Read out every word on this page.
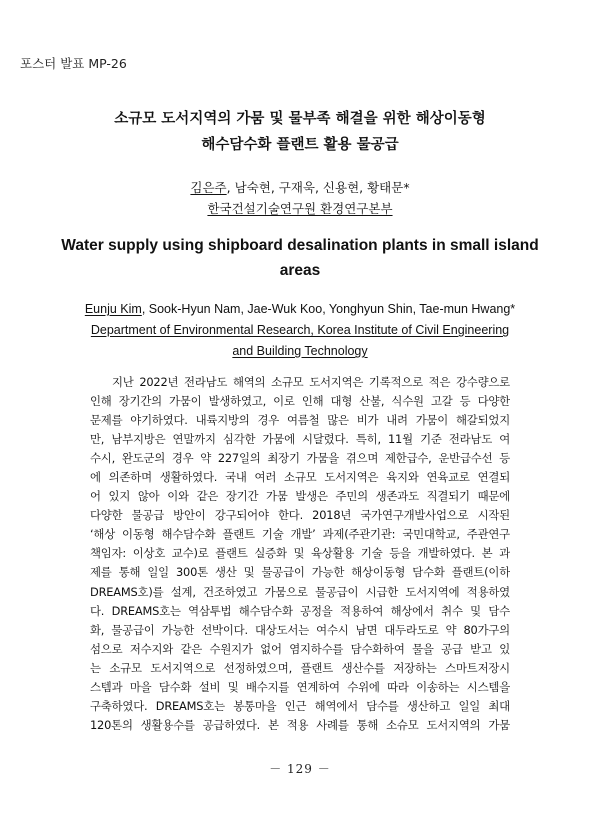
포스터 발표 MP-26
소규모 도서지역의 가뭄 및 물부족 해결을 위한 해상이동형
해수담수화 플랜트 활용 물공급
김은주, 남숙현, 구재욱, 신용현, 황태문*
한국건설기술연구원 환경연구본부
Water supply using shipboard desalination plants in small island
areas
Eunju Kim, Sook-Hyun Nam, Jae-Wuk Koo, Yonghyun Shin, Tae-mun Hwang*
Department of Environmental Research, Korea Institute of Civil Engineering
and Building Technology
지난 2022년 전라남도 해역의 소규모 도서지역은 기록적으로 적은 강수량으로
인해 장기간의 가뭄이 발생하였고, 이로 인해 대형 산불, 식수원 고갈 등 다양한
문제를 야기하였다. 내륙지방의 경우 여름철 많은 비가 내려 가뭄이 해갈되었지
만, 남부지방은 연말까지 심각한 가뭄에 시달렸다. 특히, 11월 기준 전라남도 여
수시, 완도군의 경우 약 227일의 최장기 가뭄을 겪으며 제한급수, 운반급수선 등
에 의존하며 생활하였다. 국내 여러 소규모 도서지역은 육지와 연육교로 연결되
어 있지 않아 이와 같은 장기간 가뭄 발생은 주민의 생존과도 직결되기 때문에
다양한 물공급 방안이 강구되어야 한다. 2018년 국가연구개발사업으로 시작된
‘해상 이동형 해수담수화 플랜트 기술 개발’ 과제(주관기관: 국민대학교, 주관연구
책임자: 이상호 교수)로 플랜트 실증화 및 육상활용 기술 등을 개발하였다. 본 과
제를 통해 일일 300톤 생산 및 물공급이 가능한 해상이동형 담수화 플랜트(이하
DREAMS호)를 설계, 건조하였고 가뭄으로 물공급이 시급한 도서지역에 적용하였
다. DREAMS호는 역삼투법 해수담수화 공정을 적용하여 해상에서 취수 및 담수
화, 물공급이 가능한 선박이다. 대상도서는 여수시 남면 대두라도로 약 80가구의
섬으로 저수지와 같은 수원지가 없어 염지하수를 담수화하여 물을 공급 받고 있
는 소규모 도서지역으로 선정하였으며, 플랜트 생산수를 저장하는 스마트저장시
스템과 마을 담수화 설비 및 배수지를 연계하여 수위에 따라 이송하는 시스템을
구축하였다. DREAMS호는 봉통마을 인근 해역에서 담수를 생산하고 일일 최대
120톤의 생활용수를 공급하였다. 본 적용 사례를 통해 소슈모 도서지역의 가뭄
－ 129 －
